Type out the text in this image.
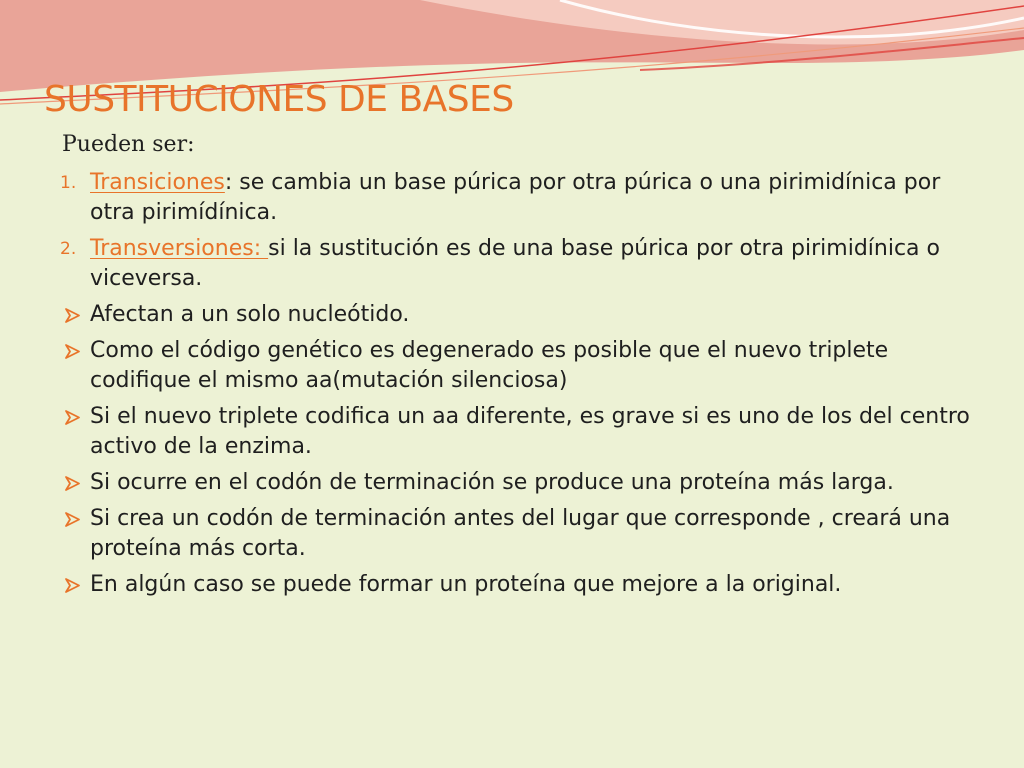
SUSTITUCIONES DE BASES

Pueden ser:

1. Transiciones: se cambia un base púrica por otra púrica o una pirimidínica por otra pirimídínica.
2. Transversiones: si la sustitución es de una base púrica por otra pirimidínica o viceversa.
Afectan a un solo nucleótido.
Como el código genético es degenerado es posible que el nuevo triplete codifique el mismo aa(mutación silenciosa)
Si el nuevo triplete codifica un aa diferente, es grave si es uno de los del centro activo de la enzima.
Si ocurre en el codón de terminación se produce una proteína más larga.
Si crea un codón de terminación antes del lugar que corresponde , creará una proteína más corta.
En algún caso se puede formar un proteína que mejore a la original.
